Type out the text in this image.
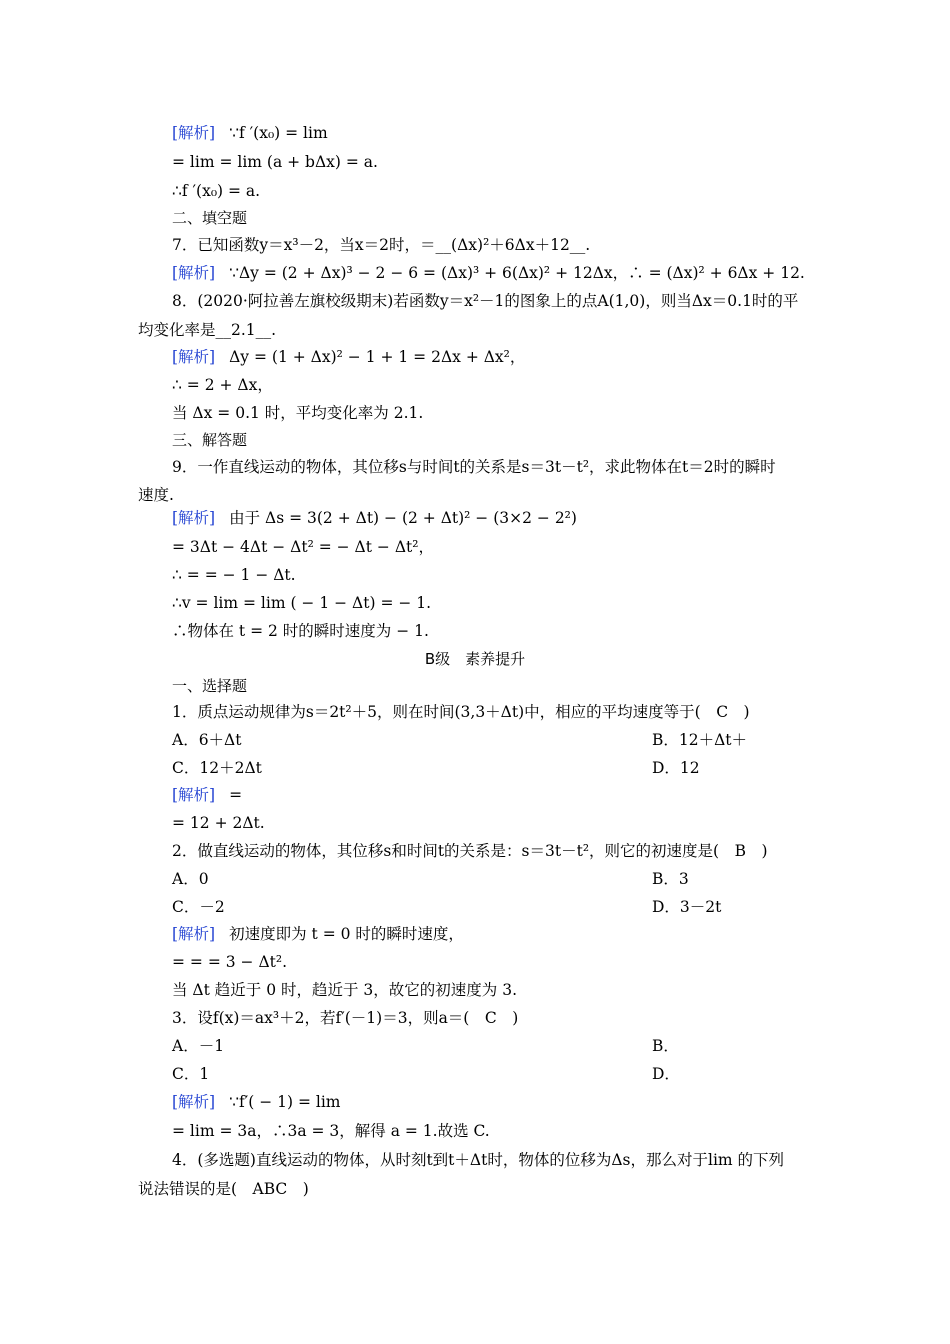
[解析] ∵f ′(x₀) = lim
= lim = lim (a + bΔx) = a.
∴f ′(x₀) = a.
二、填空题
7．已知函数y＝x³－2，当x＝2时，＝__(Δx)²＋6Δx＋12__.
[解析] ∵Δy = (2 + Δx)³ − 2 − 6 = (Δx)³ + 6(Δx)² + 12Δx，∴ = (Δx)² + 6Δx + 12.
8．(2020·阿拉善左旗校级期末)若函数y＝x²－1的图象上的点A(1,0)，则当Δx＝0.1时的平
均变化率是__2.1__.
[解析] Δy = (1 + Δx)² − 1 + 1 = 2Δx + Δx²，
∴ = 2 + Δx，
当 Δx = 0.1 时，平均变化率为 2.1.
三、解答题
9．一作直线运动的物体，其位移s与时间t的关系是s＝3t－t²，求此物体在t＝2时的瞬时
速度.
[解析] 由于 Δs = 3(2 + Δt) − (2 + Δt)² − (3×2 − 2²)
= 3Δt − 4Δt − Δt² = − Δt − Δt²，
∴ = = − 1 − Δt.
∴v = lim = lim ( − 1 − Δt) = − 1.
∴物体在 t = 2 时的瞬时速度为 − 1.
B级　素养提升
一、选择题
1．质点运动规律为s＝2t²＋5，则在时间(3,3＋Δt)中，相应的平均速度等于(　C　)
A．6＋Δt	B．12＋Δt＋
C．12＋2Δt	D．12
[解析] =
= 12 + 2Δt.
2．做直线运动的物体，其位移s和时间t的关系是：s＝3t－t²，则它的初速度是(　B　)
A．0	B．3
C．－2	D．3－2t
[解析] 初速度即为 t = 0 时的瞬时速度，
= = = 3 − Δt².
当 Δt 趋近于 0 时，趋近于 3，故它的初速度为 3.
3．设f(x)＝ax³＋2，若f′(－1)＝3，则a＝(　C　)
A．－1	B．
C．1	D．
[解析] ∵f′( − 1) = lim
= lim = 3a，∴3a = 3，解得 a = 1.故选 C.
4．(多选题)直线运动的物体，从时刻t到t＋Δt时，物体的位移为Δs，那么对于lim 的下列
说法错误的是(　ABC　)
